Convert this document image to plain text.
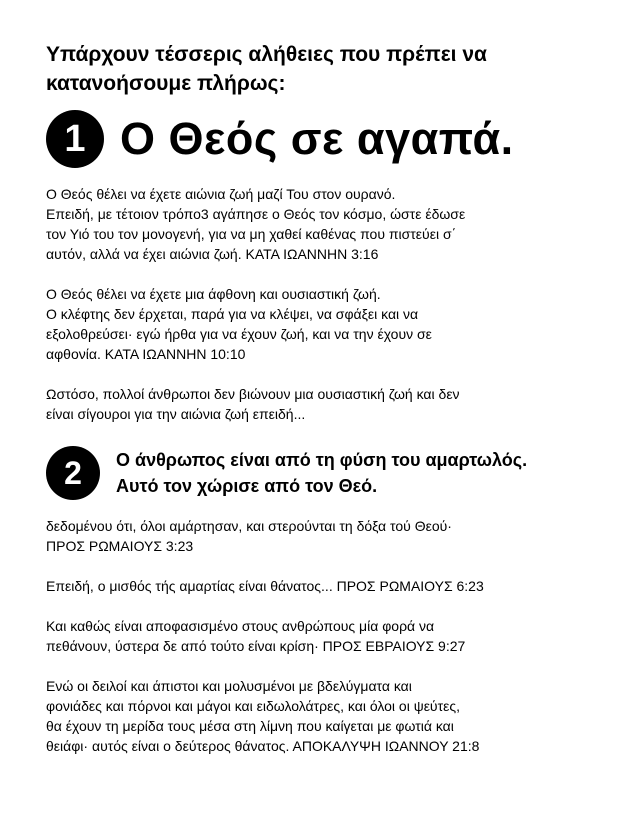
Υπάρχουν τέσσερις αλήθειες που πρέπει να
κατανοήσουμε πλήρως:
1 Ο Θεός σε αγαπά.

Ο Θεός θέλει να έχετε αιώνια ζωή μαζί Του στον ουρανό.
Επειδή, με τέτοιον τρόπο3 αγάπησε ο Θεός τον κόσμο, ώστε έδωσε
τον Υιό του τον μονογενή, για να μη χαθεί καθένας που πιστεύει σ΄
αυτόν, αλλά να έχει αιώνια ζωή. ΚΑΤΑ ΙΩΑΝΝΗΝ 3:16

Ο Θεός θέλει να έχετε μια άφθονη και ουσιαστική ζωή.
Ο κλέφτης δεν έρχεται, παρά για να κλέψει, να σφάξει και να
εξολοθρεύσει· εγώ ήρθα για να έχουν ζωή, και να την έχουν σε
αφθονία. ΚΑΤΑ ΙΩΑΝΝΗΝ 10:10

Ωστόσο, πολλοί άνθρωποι δεν βιώνουν μια ουσιαστική ζωή και δεν
είναι σίγουροι για την αιώνια ζωή επειδή...

2	Ο άνθρωπος είναι από τη φύση του αμαρτωλός.
Αυτό τον χώρισε από τον Θεό.

δεδομένου ότι, όλοι αμάρτησαν, και στερούνται τη δόξα τού Θεού·
ΠΡΟΣ ΡΩΜΑΙΟΥΣ 3:23

Επειδή, ο μισθός τής αμαρτίας είναι θάνατος... ΠΡΟΣ ΡΩΜΑΙΟΥΣ 6:23

Και καθώς είναι αποφασισμένο στους ανθρώπους μία φορά να
πεθάνουν, ύστερα δε από τούτο είναι κρίση· ΠΡΟΣ ΕΒΡΑΙΟΥΣ 9:27

Ενώ οι δειλοί και άπιστοι και μολυσμένοι με βδελύγματα και
φονιάδες και πόρνοι και μάγοι και ειδωλολάτρες, και όλοι οι ψεύτες,
θα έχουν τη μερίδα τους μέσα στη λίμνη που καίγεται με φωτιά και
θειάφι· αυτός είναι ο δεύτερος θάνατος. ΑΠΟΚΑΛΥΨΗ ΙΩΑΝΝΟΥ 21:8
